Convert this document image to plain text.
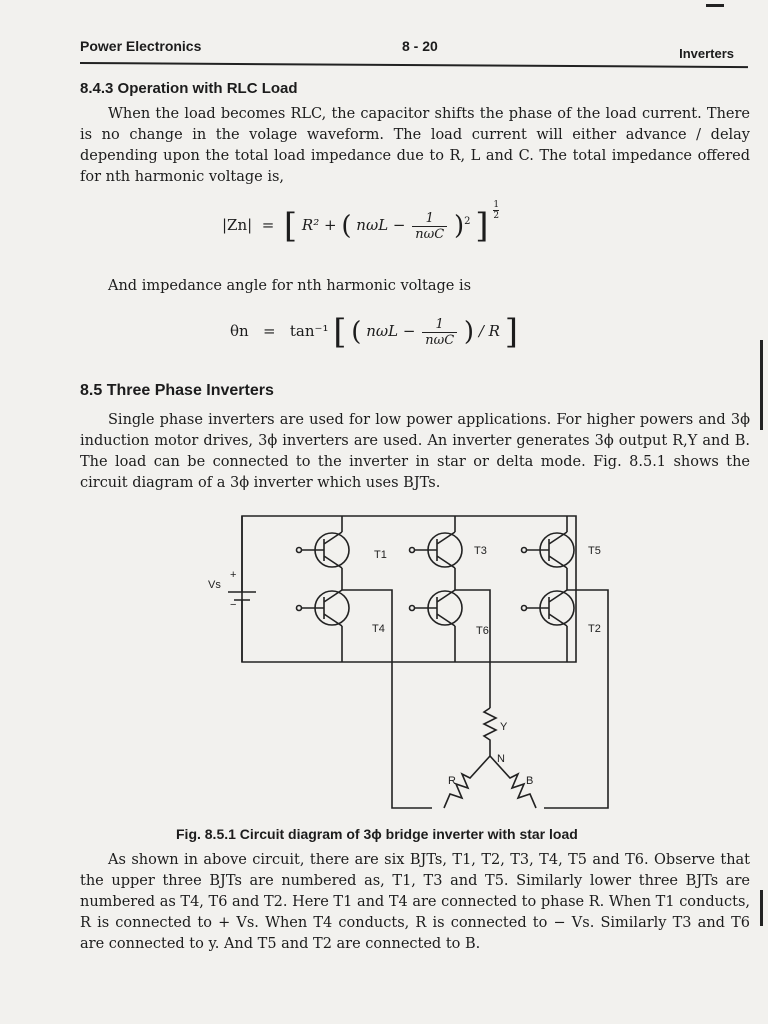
Power Electronics	8 - 20	Inverters
8.4.3 Operation with RLC Load
When the load becomes RLC, the capacitor shifts the phase of the load current. There is no change in the volage waveform. The load current will either advance / delay depending upon the total load impedance due to R, L and C. The total impedance offered for nth harmonic voltage is,
|Zn| = [ R² + ( $n\omega L - \frac{1}{\text{nωC}} )^2$ ] $\frac{1}{2}$
And impedance angle for nth harmonic voltage is
θn = tan⁻¹ [ ( $n\omega L - \frac{1}{\text{nωC}}$ ) / R ]
8.5 Three Phase Inverters
Single phase inverters are used for low power applications. For higher powers and 3ϕ induction motor drives, 3ϕ inverters are used. An inverter generates 3ϕ output R,Y and B. The load can be connected to the inverter in star or delta mode. Fig. 8.5.1 shows the circuit diagram of a 3ϕ inverter which uses BJTs.
Vs
+
−
T1	T3	T5
T4	T6	T2
Y
N
R	B
Fig. 8.5.1 Circuit diagram of 3ϕ bridge inverter with star load
As shown in above circuit, there are six BJTs, T1, T2, T3, T4, T5 and T6. Observe that the upper three BJTs are numbered as, T1, T3 and T5. Similarly lower three BJTs are numbered as T4, T6 and T2. Here T1 and T4 are connected to phase R. When T1 conducts, R is connected to + Vs. When T4 conducts, R is connected to − Vs. Similarly T3 and T6 are connected to y. And T5 and T2 are connected to B.
